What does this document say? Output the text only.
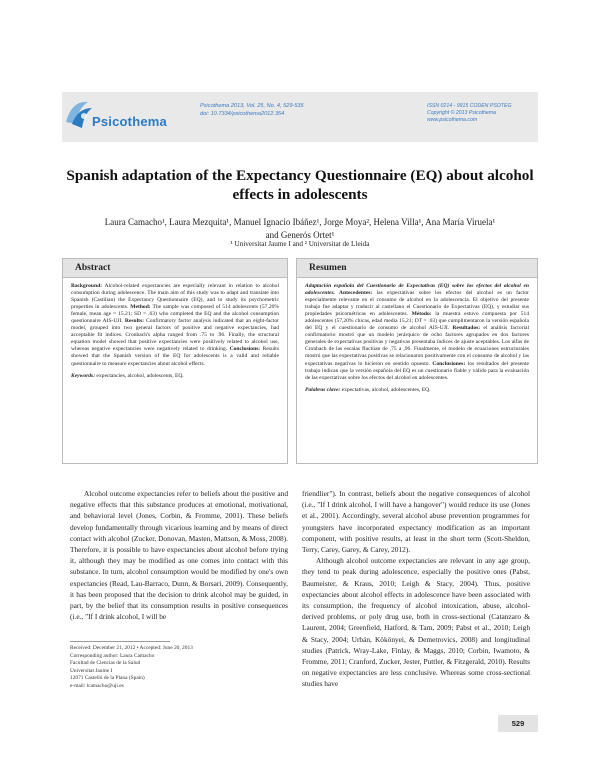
Psicothema
Psicothema 2013, Vol. 25, No. 4, 529-535
doi: 10.7334/psicothema2012.354
ISSN 0214 - 9915 CODEN PSOTEG
Copyright © 2013 Psicothema
www.psicothema.com
Spanish adaptation of the Expectancy Questionnaire (EQ) about alcohol
effects in adolescents
Laura Camacho¹, Laura Mezquita¹, Manuel Ignacio Ibáñez¹, Jorge Moya², Helena Villa¹, Ana María Viruela¹
and Generós Ortet¹
¹ Universitat Jaume I and ² Universitat de Lleida
Abstract
Background: Alcohol-related expectancies are especially relevant in relation to alcohol consumption during adolescence. The main aim of this study was to adapt and translate into Spanish (Castilian) the Expectancy Questionnaire (EQ), and to study its psychometric properties in adolescents. Method: The sample was composed of 514 adolescents (57.20% female, mean age = 15.21; SD = .63) who completed the EQ and the alcohol consumption questionnaire AIS-UJI. Results: Confirmatory factor analysis indicated that an eight-factor model, grouped into two general factors of positive and negative expectancies, had acceptable fit indices. Cronbach's alpha ranged from .75 to .96. Finally, the structural equation model showed that positive expectancies were positively related to alcohol use, whereas negative expectancies were negatively related to drinking. Conclusions: Results showed that the Spanish version of the EQ for adolescents is a valid and reliable questionnaire to measure expectancies about alcohol effects.
Keywords: expectancies, alcohol, adolescents, EQ.
Resumen
Adaptación española del Cuestionario de Expectativas (EQ) sobre los efectos del alcohol en adolescentes. Antecedentes: las expectativas sobre los efectos del alcohol es un factor especialmente relevante en el consumo de alcohol en la adolescencia. El objetivo del presente trabajo fue adaptar y traducir al castellano el Cuestionario de Expectativas (EQ), y estudiar sus propiedades psicométricas en adolescentes. Método: la muestra estuvo compuesta por 514 adolescentes (57,20% chicas, edad media 15,21; DT = .63) que cumplimentaron la versión española del EQ y el cuestionario de consumo de alcohol AIS-UJI. Resultados: el análisis factorial confirmatorio mostró que un modelo jerárquico de ocho factores agrupados en dos factores generales de expectativas positivas y negativas presentaba índices de ajuste aceptables. Los alfas de Cronbach de las escalas fluctúan de ,75 a ,96. Finalmente, el modelo de ecuaciones estructurales mostró que las expectativas positivas se relacionaron positivamente con el consumo de alcohol y las expectativas negativas lo hicieron en sentido opuesto. Conclusiones: los resultados del presente trabajo indican que la versión española del EQ es un cuestionario fiable y válido para la evaluación de las expectativas sobre los efectos del alcohol en adolescentes.
Palabras clave: expectativas, alcohol, adolescentes, EQ.

Alcohol outcome expectancies refer to beliefs about the positive and negative effects that this substance produces at emotional, motivational, and behavioral level (Jones, Corbin, & Fromme, 2001). These beliefs develop fundamentally through vicarious learning and by means of direct contact with alcohol (Zucker, Donovan, Masten, Mattson, & Moss, 2008). Therefore, it is possible to have expectancies about alcohol before trying it, although they may be modified as one comes into contact with this substance. In turn, alcohol consumption would be modified by one's own expectancies (Read, Lau-Barraco, Dunn, & Borsari, 2009). Consequently, it has been proposed that the decision to drink alcohol may be guided, in part, by the belief that its consumption results in positive consequences (i.e., "If I drink alcohol, I will be

friendlier"). In contrast, beliefs about the negative consequences of alcohol (i.e., "If I drink alcohol, I will have a hangover") would reduce its use (Jones et al., 2001). Accordingly, several alcohol abuse prevention programmes for youngsters have incorporated expectancy modification as an important component, with positive results, at least in the short term (Scott-Sheldon, Terry, Carey, Garey, & Carey, 2012).

Although alcohol outcome expectancies are relevant in any age group, they tend to peak during adolescence, especially the positive ones (Pabst, Baumeister, & Kraus, 2010; Leigh & Stacy, 2004). Thus, positive expectancies about alcohol effects in adolescence have been associated with its consumption, the frequency of alcohol intoxication, abuse, alcohol-derived problems, or poly drug use, both in cross-sectional (Catanzaro & Laurent, 2004; Greenfield, Hatford, & Tam, 2009; Pabst et al., 2010; Leigh & Stacy, 2004; Urbán, Kökönyei, & Demetrovics, 2008) and longitudinal studies (Patrick, Wray-Lake, Finlay, & Maggs, 2010; Corbin, Iwamoto, & Fromme, 2011; Cranford, Zucker, Jester, Puttler, & Fitzgerald, 2010). Results on negative expectancies are less conclusive. Whereas some cross-sectional studies have

Received: December 21, 2012 • Accepted: June 20, 2013
Corresponding author: Laura Camacho
Facultad de Ciencias de la Salud
Universitat Jaume I
12071 Castelló de la Plana (Spain)
e-mail: lcamacho@uji.es
529
